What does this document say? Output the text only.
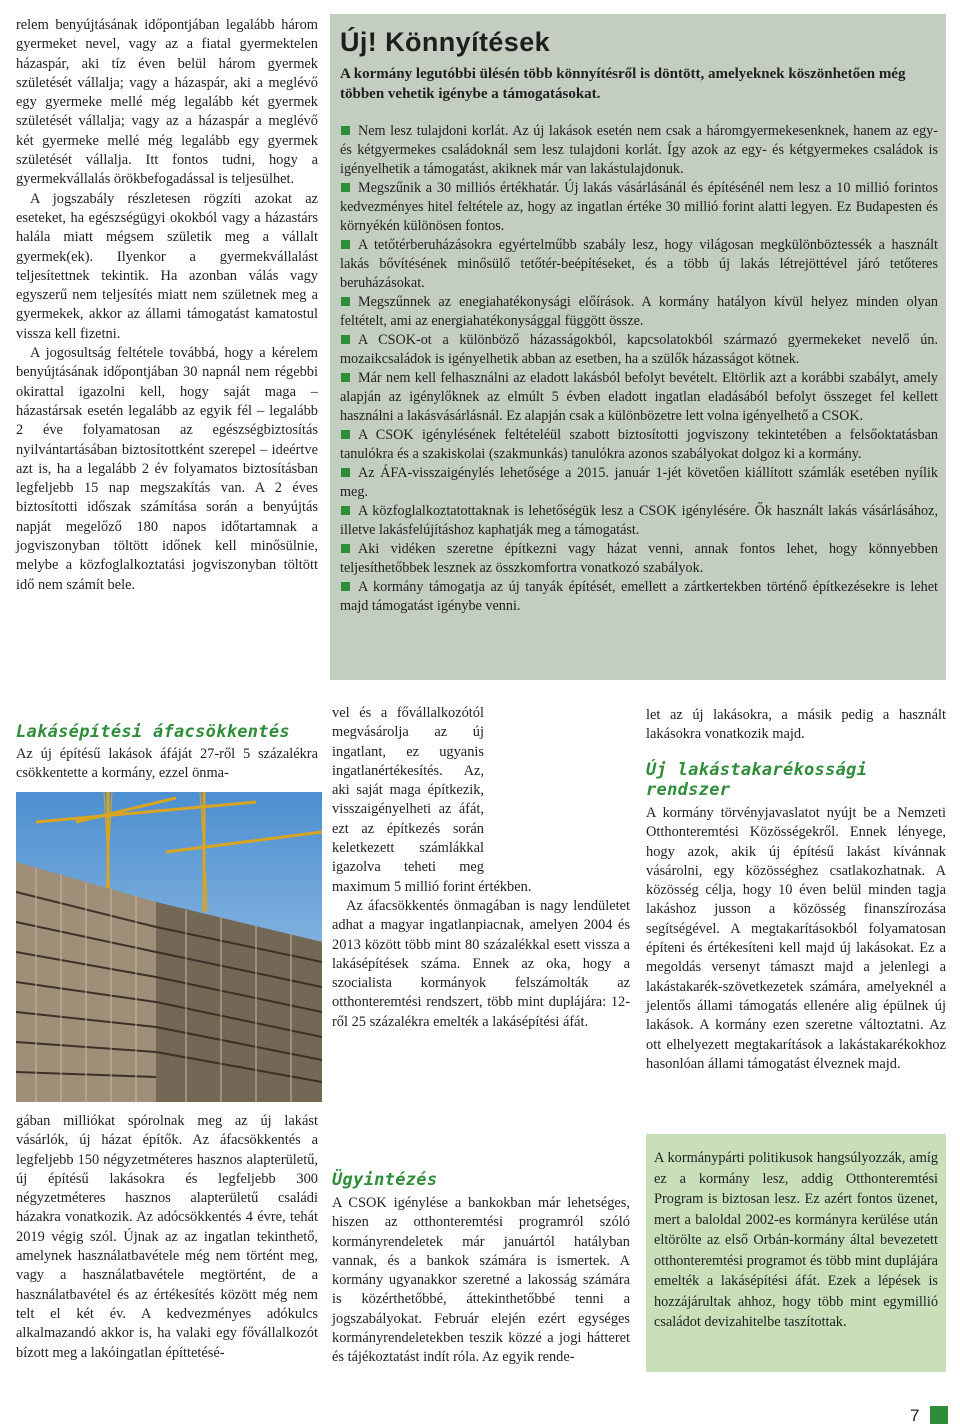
relem benyújtásának időpontjában legalább három gyermeket nevel, vagy az a fiatal gyermektelen házaspár, aki tíz éven belül három gyermek születését vállalja; vagy a házaspár, aki a meglévő egy gyermeke mellé még legalább két gyermek születését vállalja; vagy az a házaspár a meglévő két gyermeke mellé még legalább egy gyermek születését vállalja. Itt fontos tudni, hogy a gyermekvállalás örökbefogadással is teljesülhet.

A jogszabály részletesen rögzíti azokat az eseteket, ha egészségügyi okokból vagy a házastárs halála miatt mégsem születik meg a vállalt gyermek(ek). Ilyenkor a gyermekvállalást teljesítettnek tekintik. Ha azonban válás vagy egyszerű nem teljesítés miatt nem születnek meg a gyermekek, akkor az állami támogatást kamatostul vissza kell fizetni.

A jogosultság feltétele továbbá, hogy a kérelem benyújtásának időpontjában 30 napnál nem régebbi okirattal igazolni kell, hogy saját maga – házastársak esetén legalább az egyik fél – legalább 2 éve folyamatosan az egészségbiztosítás nyilvántartásában biztosítottként szerepel – ideértve azt is, ha a legalább 2 év folyamatos biztosításban legfeljebb 15 nap megszakítás van. A 2 éves biztosítotti időszak számítása során a benyújtás napját megelőző 180 napos időtartamnak a jogviszonyban töltött időnek kell minősülnie, melybe a közfoglalkoztatási jogviszonyban töltött idő nem számít bele.

Lakásépítési áfacsökkentés

Az új építésű lakások áfáját 27-ről 5 százalékra csökkentette a kormány, ezzel önma-

gában milliókat spórolnak meg az új lakást vásárlók, új házat építők. Az áfacsökkentés a legfeljebb 150 négyzetméteres hasznos alapterületű, új építésű lakásokra és legfeljebb 300 négyzetméteres hasznos alapterületű családi házakra vonatkozik. Az adócsökkentés 4 évre, tehát 2019 végig szól. Újnak az az ingatlan tekinthető, amelynek használatbavétele még nem történt meg, vagy a használatbavétele megtörtént, de a használatbavétel és az értékesítés között még nem telt el két év. A kedvezményes adókulcs alkalmazandó akkor is, ha valaki egy fővállalkozót bízott meg a lakóingatlan építtetésé-

Új! Könnyítések
A kormány legutóbbi ülésén több könnyítésről is döntött, amelyeknek köszönhetően még többen vehetik igénybe a támogatásokat.
Nem lesz tulajdoni korlát. Az új lakások esetén nem csak a háromgyermekesenknek, hanem az egy- és kétgyermekes családoknál sem lesz tulajdoni korlát. Így azok az egy- és kétgyermekes családok is igényelhetik a támogatást, akiknek már van lakástulajdonuk.
Megszűnik a 30 milliós értékhatár. Új lakás vásárlásánál és építésénél nem lesz a 10 millió forintos kedvezményes hitel feltétele az, hogy az ingatlan értéke 30 millió forint alatti legyen. Ez Budapesten és környékén különösen fontos.
A tetőtérberuházásokra egyértelműbb szabály lesz, hogy világosan megkülönböztessék a használt lakás bővítésének minősülő tetőtér-beépítéseket, és a több új lakás létrejöttével járó tetőteres beruházásokat.
Megszűnnek az enegiahatékonysági előírások. A kormány hatályon kívül helyez minden olyan feltételt, ami az energiahatékonysággal függött össze.
A CSOK-ot a különböző házasságokból, kapcsolatokból származó gyermekeket nevelő ún. mozaikcsaládok is igényelhetik abban az esetben, ha a szülők házasságot kötnek.
Már nem kell felhasználni az eladott lakásból befolyt bevételt. Eltörlik azt a korábbi szabályt, amely alapján az igénylőknek az elmúlt 5 évben eladott ingatlan eladásából befolyt összeget fel kellett használni a lakásvásárlásnál. Ez alapján csak a különbözetre lett volna igényelhető a CSOK.
A CSOK igénylésének feltételéül szabott biztosítotti jogviszony tekintetében a felsőoktatásban tanulókra és a szakiskolai (szakmunkás) tanulókra azonos szabályokat dolgoz ki a kormány.
Az ÁFA-visszaigénylés lehetősége a 2015. január 1-jét követően kiállított számlák esetében nyílik meg.
A közfoglalkoztatottaknak is lehetőségük lesz a CSOK igénylésére. Ők használt lakás vásárlásához, illetve lakásfelújításhoz kaphatják meg a támogatást.
Aki vidéken szeretne építkezni vagy házat venni, annak fontos lehet, hogy könnyebben teljesíthetőbbek lesznek az összkomfortra vonatkozó szabályok.
A kormány támogatja az új tanyák építését, emellett a zártkertekben történő építkezésekre is lehet majd támogatást igénybe venni.

vel és a fővállalkozótól megvásárolja az új ingatlant, ez ugyanis ingatlanértékesítés. Az, aki saját maga építkezik, visszaigényelheti az áfát, ezt az építkezés során keletkezett számlákkal igazolva teheti meg maximum 5 millió forint értékben.

Az áfacsökkentés önmagában is nagy lendületet adhat a magyar ingatlanpiacnak, amelyen 2004 és 2013 között több mint 80 százalékkal esett vissza a lakásépítések száma. Ennek az oka, hogy a szocialista kormányok felszámolták az otthonteremtési rendszert, több mint duplájára: 12-ről 25 százalékra emelték a lakásépítési áfát.

Ügyintézés

A CSOK igénylése a bankokban már lehetséges, hiszen az otthonteremtési programról szóló kormányrendeletek már januártól hatályban vannak, és a bankok számára is ismertek. A kormány ugyanakkor szeretné a lakosság számára is közérthetőbbé, áttekinthetőbbé tenni a jogszabályokat. Február elején ezért egységes kormányrendeletekben teszik közzé a jogi hátteret és tájékoztatást indít róla. Az egyik rende-

let az új lakásokra, a másik pedig a használt lakásokra vonatkozik majd.

Új lakástakarékossági rendszer

A kormány törvényjavaslatot nyújt be a Nemzeti Otthonteremtési Közösségekről. Ennek lényege, hogy azok, akik új építésű lakást kívánnak vásárolni, egy közösséghez csatlakozhatnak. A közösség célja, hogy 10 éven belül minden tagja lakáshoz jusson a közösség finanszírozása segítségével. A megtakarításokból folyamatosan építeni és értékesíteni kell majd új lakásokat. Ez a megoldás versenyt támaszt majd a jelenlegi a lakástakarék-szövetkezetek számára, amelyeknél a jelentős állami támogatás ellenére alig épülnek új lakások. A kormány ezen szeretne változtatni. Az ott elhelyezett megtakarítások a lakástakarékokhoz hasonlóan állami támogatást élveznek majd.

A kormánypárti politikusok hangsúlyozzák, amíg ez a kormány lesz, addig Otthonteremtési Program is biztosan lesz. Ez azért fontos üzenet, mert a baloldal 2002-es kormányra kerülése után eltörölte az első Orbán-kormány által bevezetett otthonteremtési programot és több mint duplájára emelték a lakásépítési áfát. Ezek a lépések is hozzájárultak ahhoz, hogy több mint egymillió családot devizahitelbe taszítottak.
7
